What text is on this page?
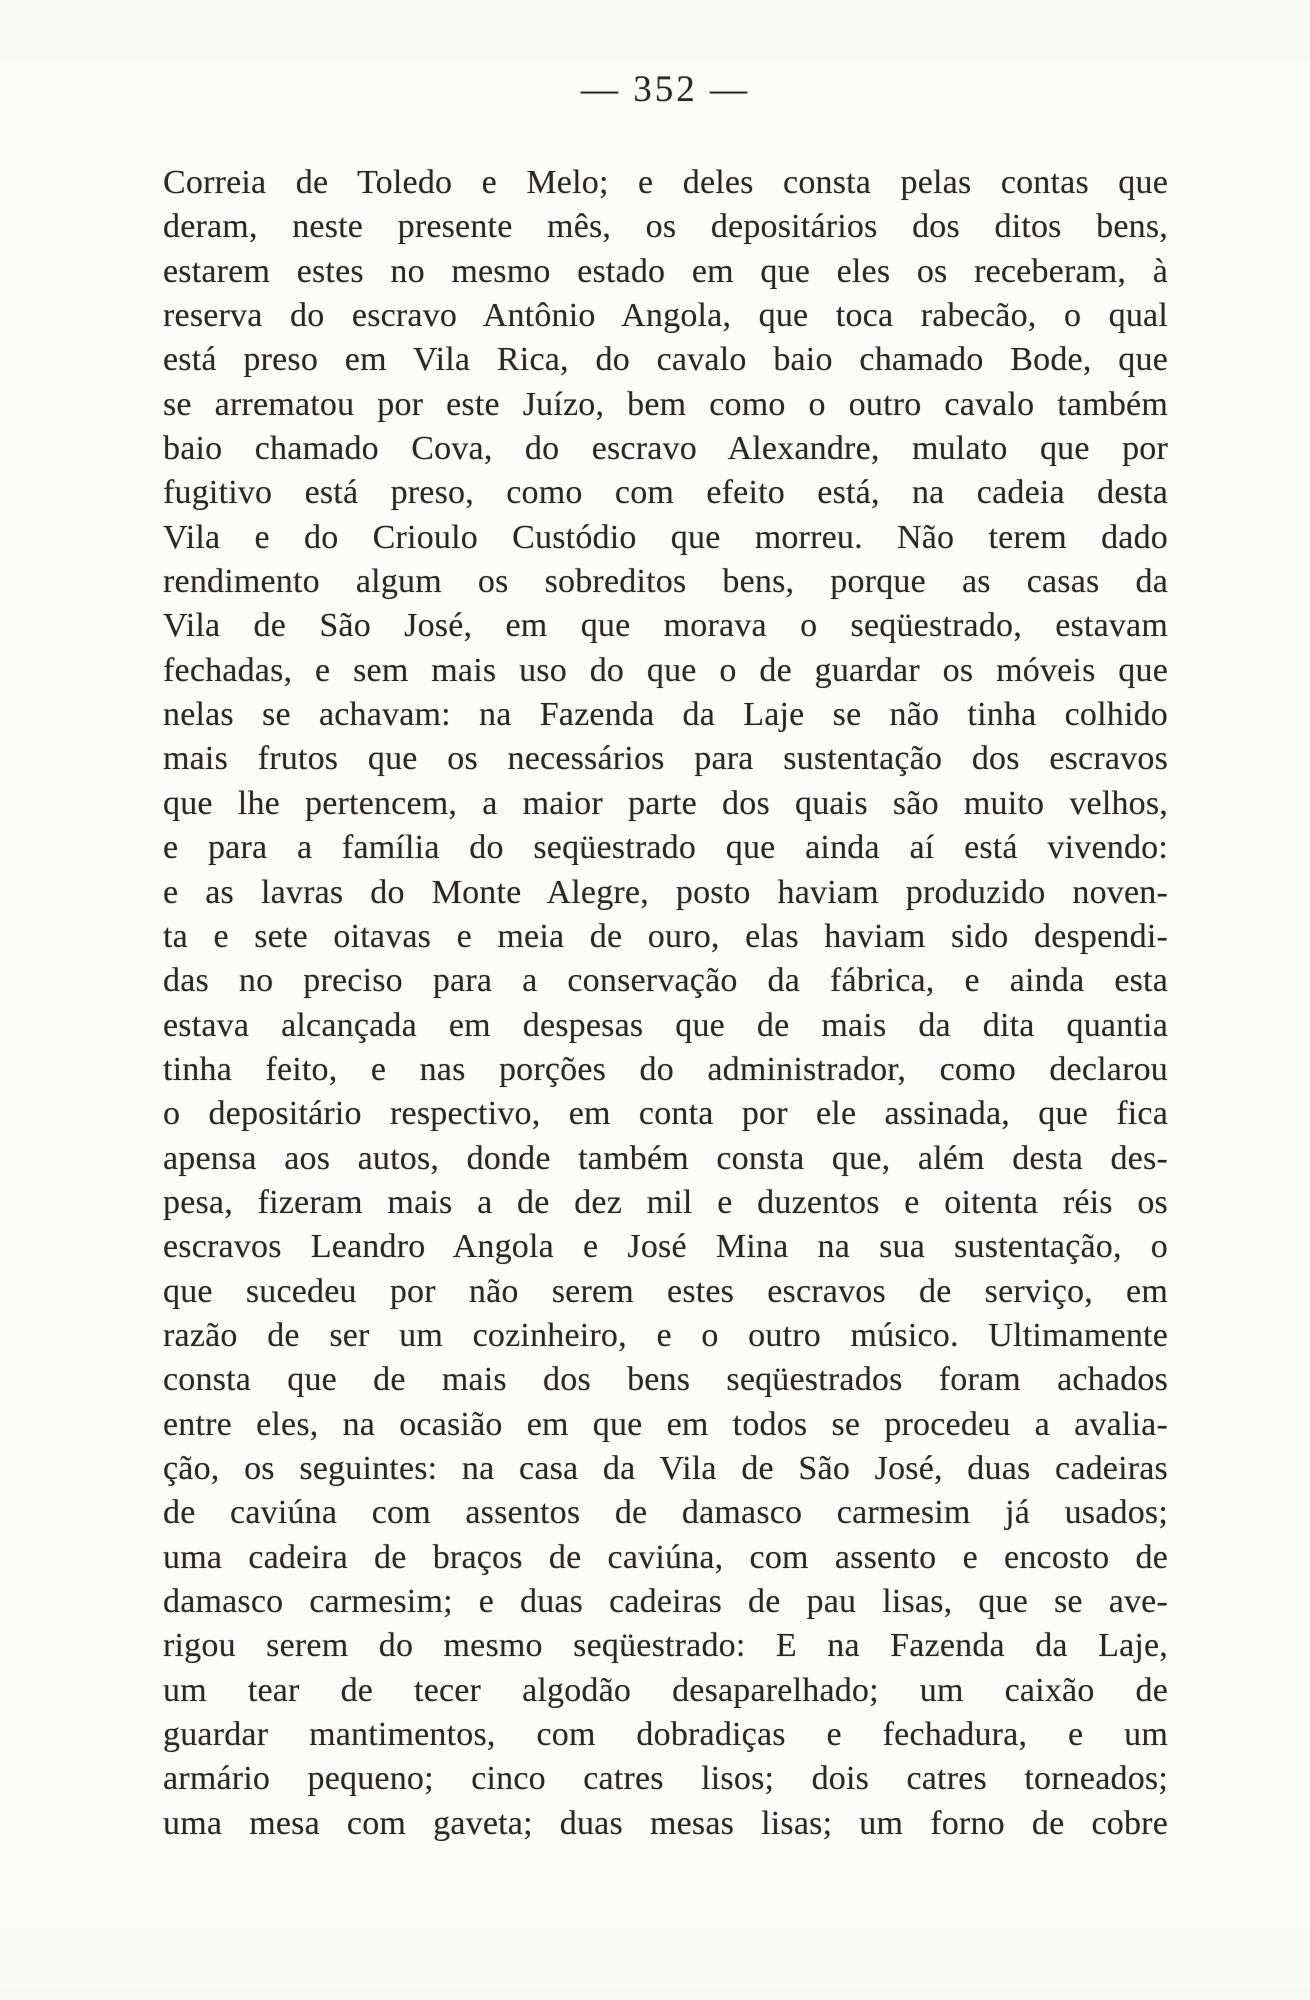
— 352 —
Correia de Toledo e Melo; e deles consta pelas contas que
deram, neste presente mês, os depositários dos ditos bens,
estarem estes no mesmo estado em que eles os receberam, à
reserva do escravo Antônio Angola, que toca rabecão, o qual
está preso em Vila Rica, do cavalo baio chamado Bode, que
se arrematou por este Juízo, bem como o outro cavalo também
baio chamado Cova, do escravo Alexandre, mulato que por
fugitivo está preso, como com efeito está, na cadeia desta
Vila e do Crioulo Custódio que morreu. Não terem dado
rendimento algum os sobreditos bens, porque as casas da
Vila de São José, em que morava o seqüestrado, estavam
fechadas, e sem mais uso do que o de guardar os móveis que
nelas se achavam: na Fazenda da Laje se não tinha colhido
mais frutos que os necessários para sustentação dos escravos
que lhe pertencem, a maior parte dos quais são muito velhos,
e para a família do seqüestrado que ainda aí está vivendo:
e as lavras do Monte Alegre, posto haviam produzido noven-
ta e sete oitavas e meia de ouro, elas haviam sido despendi-
das no preciso para a conservação da fábrica, e ainda esta
estava alcançada em despesas que de mais da dita quantia
tinha feito, e nas porções do administrador, como declarou
o depositário respectivo, em conta por ele assinada, que fica
apensa aos autos, donde também consta que, além desta des-
pesa, fizeram mais a de dez mil e duzentos e oitenta réis os
escravos Leandro Angola e José Mina na sua sustentação, o
que sucedeu por não serem estes escravos de serviço, em
razão de ser um cozinheiro, e o outro músico. Ultimamente
consta que de mais dos bens seqüestrados foram achados
entre eles, na ocasião em que em todos se procedeu a avalia-
ção, os seguintes: na casa da Vila de São José, duas cadeiras
de caviúna com assentos de damasco carmesim já usados;
uma cadeira de braços de caviúna, com assento e encosto de
damasco carmesim; e duas cadeiras de pau lisas, que se ave-
rigou serem do mesmo seqüestrado: E na Fazenda da Laje,
um tear de tecer algodão desaparelhado; um caixão de
guardar mantimentos, com dobradiças e fechadura, e um
armário pequeno; cinco catres lisos; dois catres torneados;
uma mesa com gaveta; duas mesas lisas; um forno de cobre
